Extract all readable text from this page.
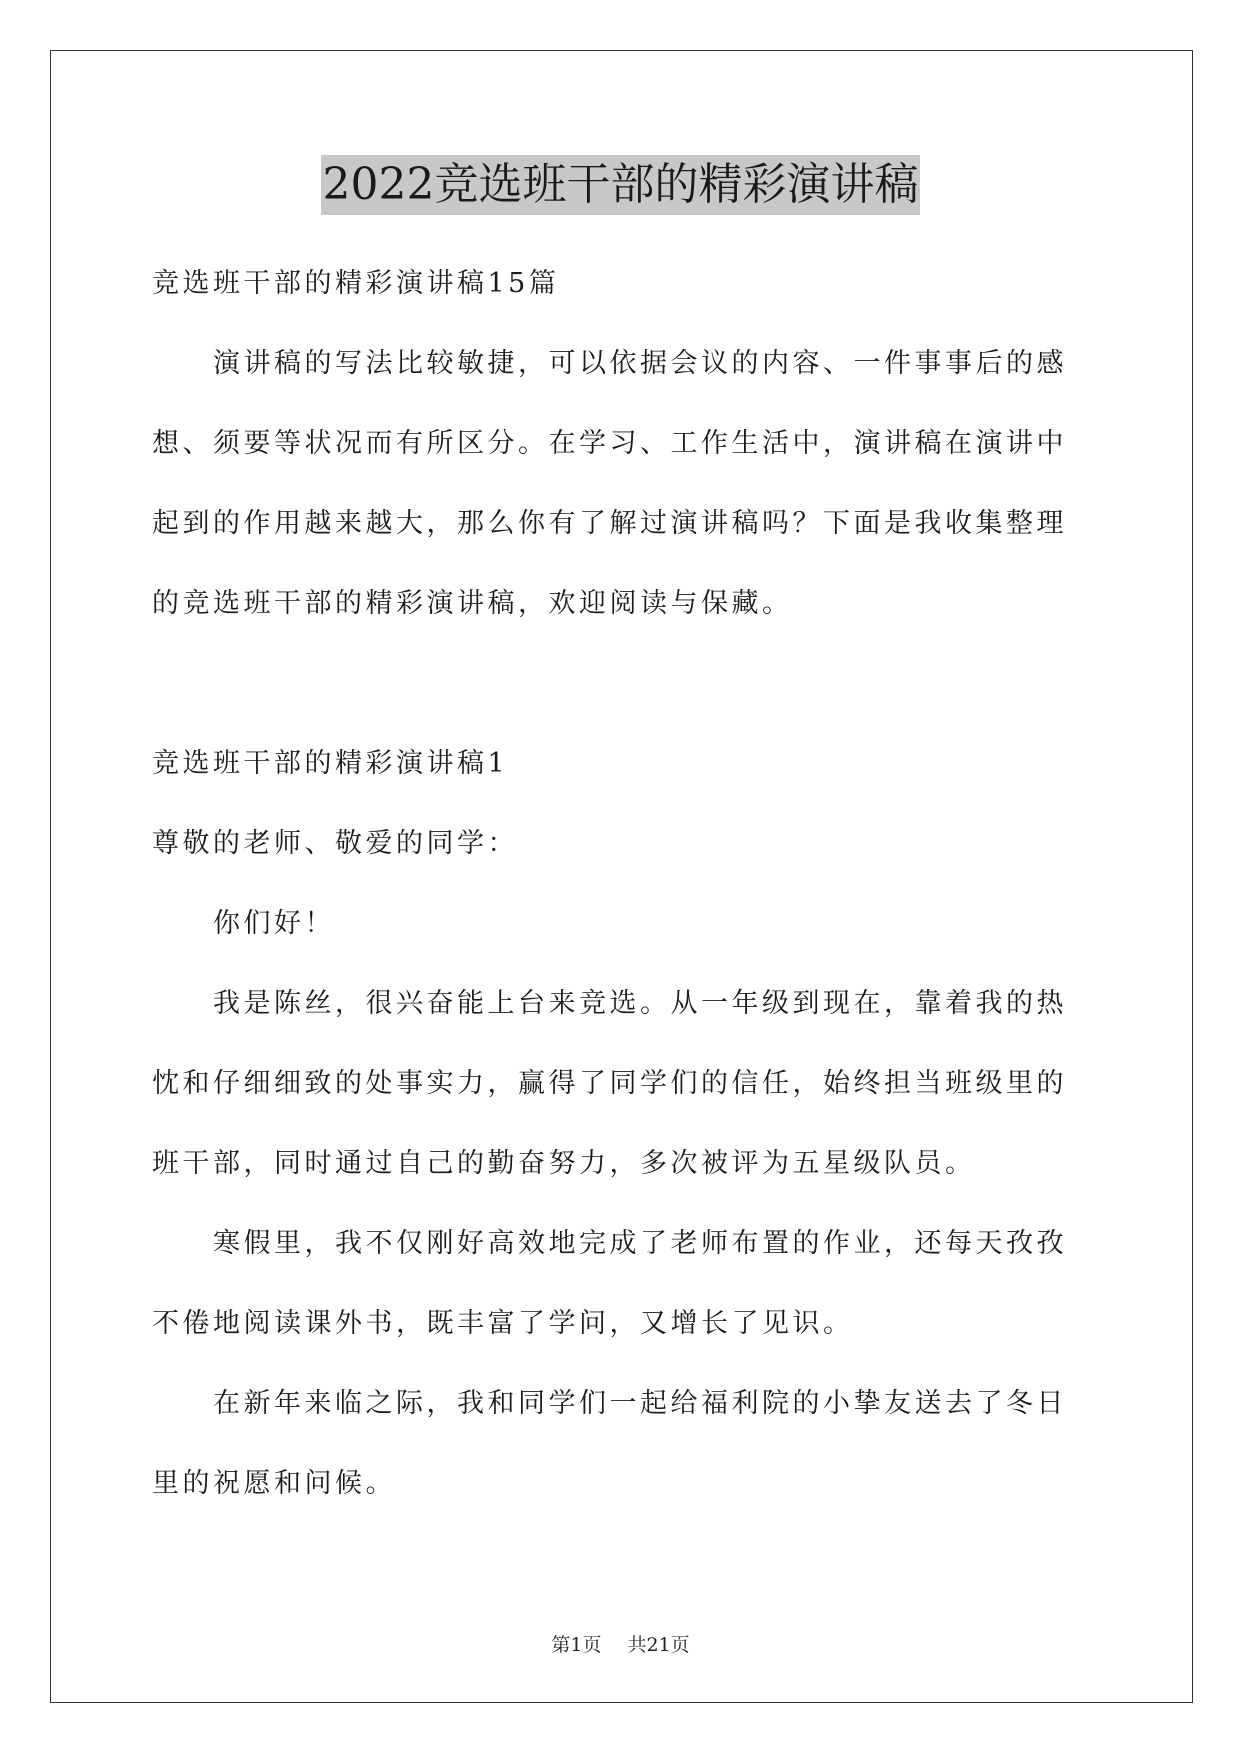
2022竞选班干部的精彩演讲稿
竞选班干部的精彩演讲稿15篇
　　演讲稿的写法比较敏捷，可以依据会议的内容、一件事事后的感
想、须要等状况而有所区分。在学习、工作生活中，演讲稿在演讲中
起到的作用越来越大，那么你有了解过演讲稿吗？下面是我收集整理
的竞选班干部的精彩演讲稿，欢迎阅读与保藏。
竞选班干部的精彩演讲稿1
尊敬的老师、敬爱的同学：
　　你们好！
　　我是陈丝，很兴奋能上台来竞选。从一年级到现在，靠着我的热
忱和仔细细致的处事实力，赢得了同学们的信任，始终担当班级里的
班干部，同时通过自己的勤奋努力，多次被评为五星级队员。
　　寒假里，我不仅刚好高效地完成了老师布置的作业，还每天孜孜
不倦地阅读课外书，既丰富了学问，又增长了见识。
　　在新年来临之际，我和同学们一起给福利院的小挚友送去了冬日
里的祝愿和问候。
第1页 共21页
